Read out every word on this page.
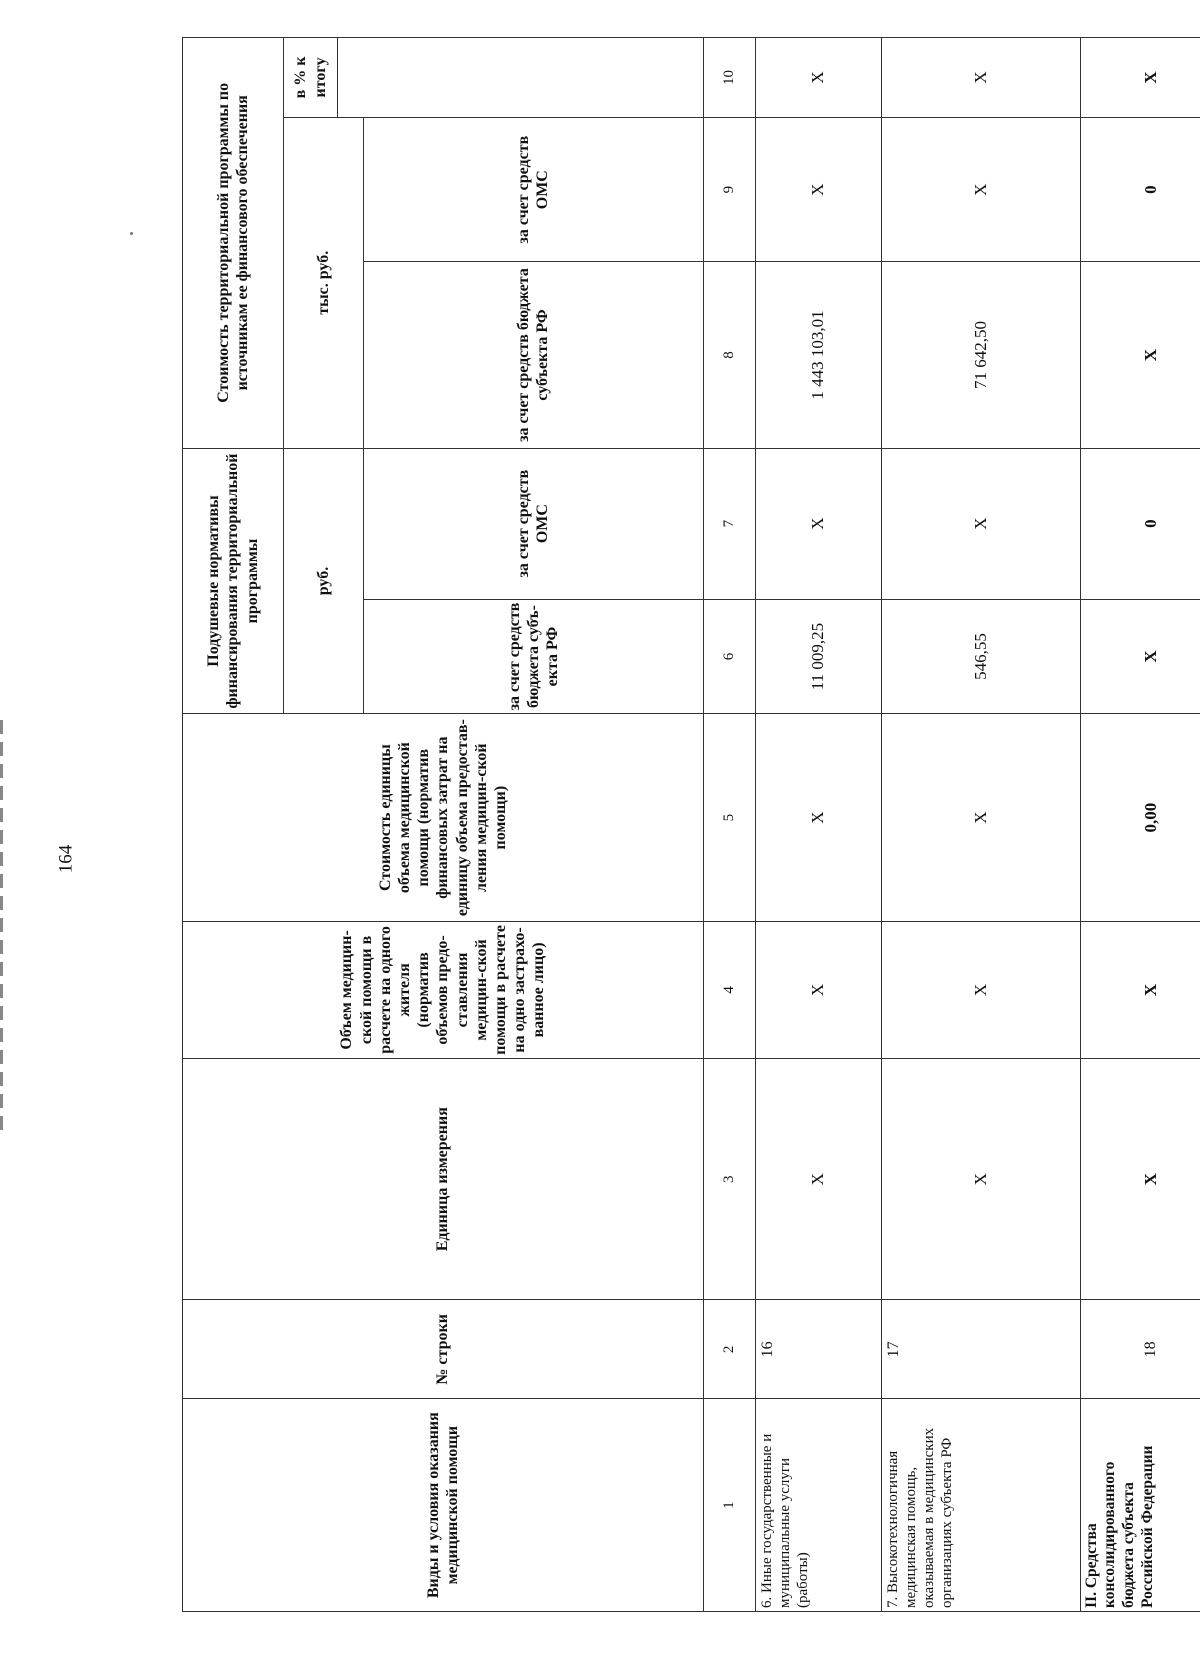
164
Виды и условия оказания медицинской помощи	№ строки	Единица измерения	Объем медицин-ской помощи в расчете на одного жителя (норматив объемов предо-ставления медицин-ской помощи в расчете на одно застрахо-ванное лицо)	Стоимость единицы объема медицинской помощи (норматив финансовых затрат на единицу объема предостав-ления медицин-ской помощи)	Подушевые нормативы финансирования территориальной программы		Стоимость территориальной программы по источникам ее финансового обеспечения		
					руб.		тыс. руб.		в % к итогу

					за счет средств бюджета субъ-екта РФ	за счет средств ОМС	за счет средств бюджета субъекта РФ	за счет средств ОМС	
1	2	3	4	5	6	7	8	9	10
6. Иные государственные и муниципальные услуги (работы)	16	Х	Х	Х	11 009,25	Х	1 443 103,01	Х	Х
7. Высокотехнологичная медицинская помощь, оказываемая в медицинских организациях субъекта РФ	17	Х	Х	Х	546,55	Х	71 642,50	Х	Х
II. Средства консолидированного бюджета субъекта Российской Федерации	18	Х	Х	0,00	Х	0	Х	0	Х
